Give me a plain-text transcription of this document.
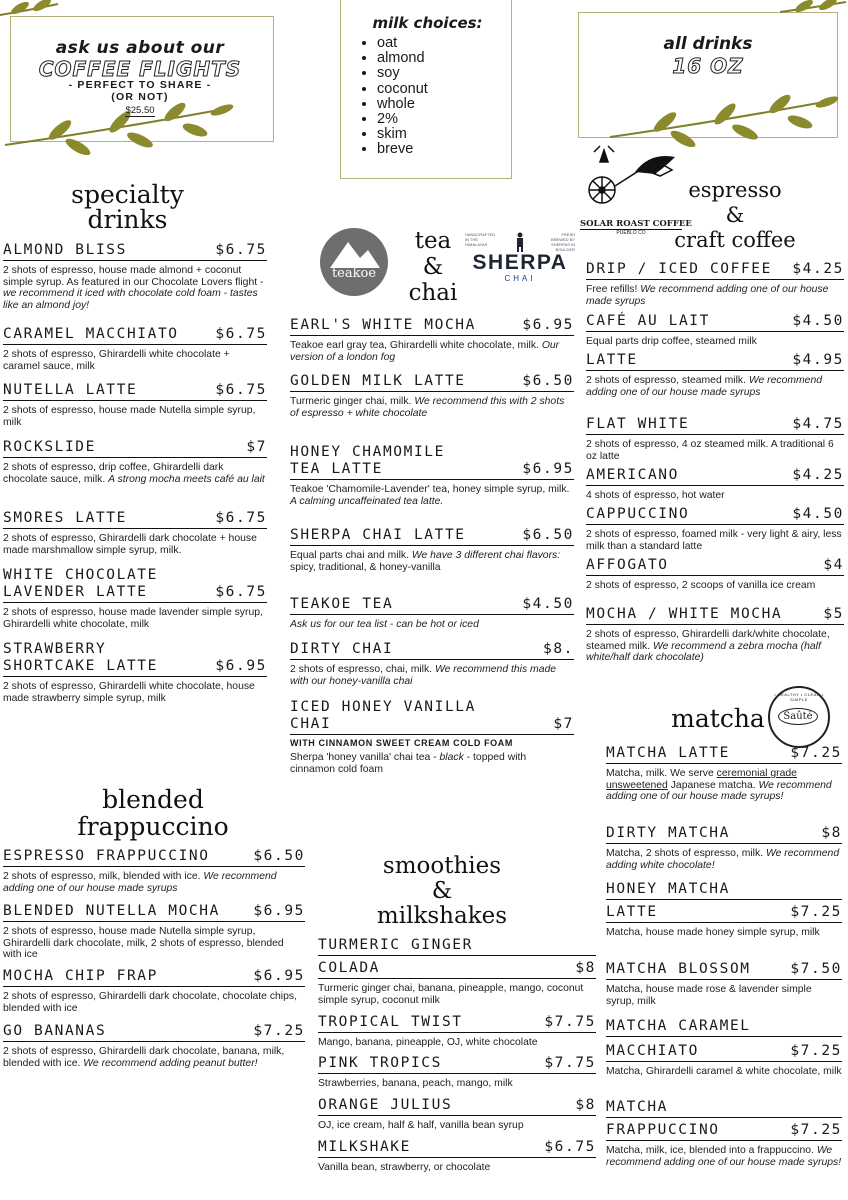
ask us about our
COFFEE FLIGHTS
- PERFECT TO SHARE -
(OR NOT)
$25.50
milk choices:
• oat
• almond
• soy
• coconut
• whole
• 2%
• skim
• breve
all drinks
16 OZ
teakoe
HANDCRAFTED IN THE HIMALAYAS
FRESH BREWED BY SHERPAS IN BOULDER
SHERPA
CHAI
SOLAR ROAST COFFEE
PUEBLO CO
• HEALTHY • CLEAN • SIMPLE
Saûté
specialty
drinks
tea
&
chai
espresso
&
craft coffee
blended
frappuccino
smoothies
&
milkshakes
matcha
ALMOND BLISS	$6.75
2 shots of espresso, house made almond + coconut simple syrup. As featured in our Chocolate Lovers flight - we recommend it iced with chocolate cold foam - tastes like an almond joy!
CARAMEL MACCHIATO	$6.75
2 shots of espresso, Ghirardelli white chocolate + caramel sauce, milk
NUTELLA LATTE	$6.75
2 shots of espresso, house made Nutella simple syrup, milk
ROCKSLIDE	$7
2 shots of espresso, drip coffee, Ghirardelli dark chocolate sauce, milk. A strong mocha meets café au lait
SMORES LATTE	$6.75
2 shots of espresso, Ghirardelli dark chocolate + house made marshmallow simple syrup, milk.
WHITE CHOCOLATE
LAVENDER LATTE	$6.75
2 shots of espresso, house made lavender simple syrup, Ghirardelli white chocolate, milk
STRAWBERRY
SHORTCAKE LATTE	$6.95
2 shots of espresso, Ghirardelli white chocolate, house made strawberry simple syrup, milk
EARL'S WHITE MOCHA	$6.95
Teakoe earl gray tea, Ghirardelli white chocolate, milk. Our version of a london fog
GOLDEN MILK LATTE	$6.50
Turmeric ginger chai, milk. We recommend this with 2 shots of espresso + white chocolate
HONEY CHAMOMILE
TEA LATTE	$6.95
Teakoe 'Chamomile-Lavender' tea, honey simple syrup, milk. A calming uncaffeinated tea latte.
SHERPA CHAI LATTE	$6.50
Equal parts chai and milk. We have 3 different chai flavors:
spicy, traditional, & honey-vanilla
TEAKOE TEA	$4.50
Ask us for our tea list - can be hot or iced
DIRTY CHAI	$8.
2 shots of espresso, chai, milk. We recommend this made with our honey-vanilla chai
ICED HONEY VANILLA
CHAI	$7
WITH CINNAMON SWEET CREAM COLD FOAM
Sherpa 'honey vanilla' chai tea - black - topped with cinnamon cold foam
DRIP / ICED COFFEE $4.25
Free refills! We recommend adding one of our house made syrups
CAFÉ AU LAIT	$4.50
Equal parts drip coffee, steamed milk
LATTE	$4.95
2 shots of espresso, steamed milk. We recommend adding one of our house made syrups
FLAT WHITE	$4.75
2 shots of espresso, 4 oz steamed milk. A traditional 6 oz latte
AMERICANO	$4.25
4 shots of espresso, hot water
CAPPUCCINO	$4.50
2 shots of espresso, foamed milk - very light & airy, less milk than a standard latte
AFFOGATO	$4
2 shots of espresso, 2 scoops of vanilla ice cream
MOCHA / WHITE MOCHA	$5
2 shots of espresso, Ghirardelli dark/white chocolate, steamed milk. We recommend a zebra mocha (half white/half dark chocolate)
ESPRESSO FRAPPUCCINO	$6.50
2 shots of espresso, milk, blended with ice. We recommend adding one of our house made syrups
BLENDED NUTELLA MOCHA $6.95
2 shots of espresso, house made Nutella simple syrup, Ghirardelli dark chocolate, milk, 2 shots of espresso, blended with ice
MOCHA CHIP FRAP	$6.95
2 shots of espresso, Ghirardelli dark chocolate, chocolate chips, blended with ice
GO BANANAS	$7.25
2 shots of espresso, Ghirardelli dark chocolate, banana, milk, blended with ice. We recommend adding peanut butter!
TURMERIC GINGER
COLADA	$8
Turmeric ginger chai, banana, pineapple, mango, coconut simple syrup, coconut milk
TROPICAL TWIST	$7.75
Mango, banana, pineapple, OJ, white chocolate
PINK TROPICS	$7.75
Strawberries, banana, peach, mango, milk
ORANGE JULIUS	$8
OJ, ice cream, half & half, vanilla bean syrup
MILKSHAKE	$6.75
Vanilla bean, strawberry, or chocolate
MATCHA LATTE	$7.25
Matcha, milk. We serve ceremonial grade unsweetened Japanese matcha. We recommend adding one of our house made syrups!
DIRTY MATCHA	$8
Matcha, 2 shots of espresso, milk. We recommend adding white chocolate!
HONEY MATCHA
LATTE	$7.25
Matcha, house made honey simple syrup, milk
MATCHA BLOSSOM	$7.50
Matcha, house made rose & lavender simple syrup, milk
MATCHA CARAMEL
MACCHIATO	$7.25
Matcha, Ghirardelli caramel & white chocolate, milk
MATCHA
FRAPPUCCINO	$7.25
Matcha, milk, ice, blended into a frappuccino. We recommend adding one of our house made syrups!
